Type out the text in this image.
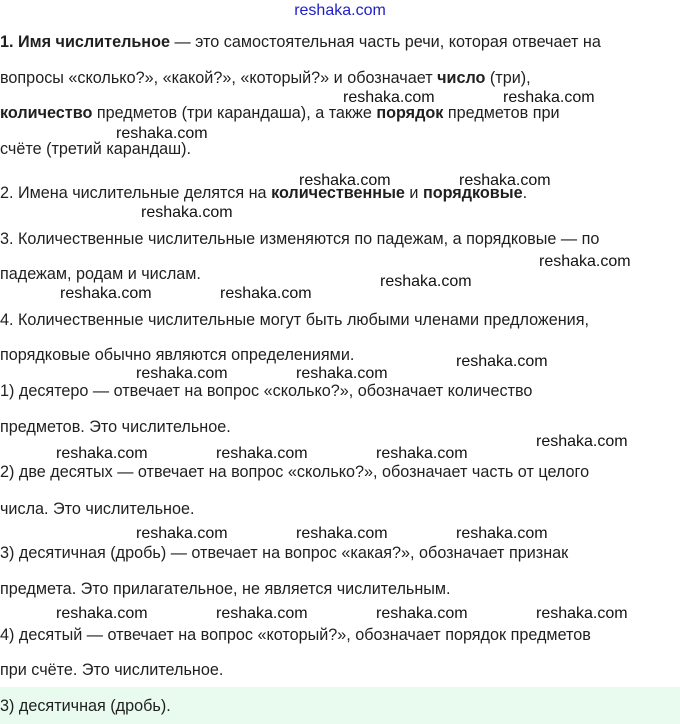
reshaka.com
1. Имя числительное — это самостоятельная часть речи, которая отвечает на
вопросы «сколько?», «какой?», «который?» и обозначает число (три),
количество предметов (три карандаша), а также порядок предметов при
счёте (третий карандаш).
2. Имена числительные делятся на количественные и порядковые.
3. Количественные числительные изменяются по падежам, а порядковые — по
падежам, родам и числам.
4. Количественные числительные могут быть любыми членами предложения,
порядковые обычно являются определениями.
1) десятеро — отвечает на вопрос «сколько?», обозначает количество
предметов. Это числительное.
2) две десятых — отвечает на вопрос «сколько?», обозначает часть от целого
числа. Это числительное.
3) десятичная (дробь) — отвечает на вопрос «какая?», обозначает признак
предмета. Это прилагательное, не является числительным.
4) десятый — отвечает на вопрос «который?», обозначает порядок предметов
при счёте. Это числительное.
reshaka.com	reshaka.com
reshaka.com
reshaka.com	reshaka.com
reshaka.com
reshaka.com
reshaka.com
reshaka.com	reshaka.com
reshaka.com
reshaka.com	reshaka.com
reshaka.com
reshaka.com	reshaka.com	reshaka.com
reshaka.com	reshaka.com	reshaka.com
reshaka.com	reshaka.com	reshaka.com	reshaka.com
3) десятичная (дробь).
